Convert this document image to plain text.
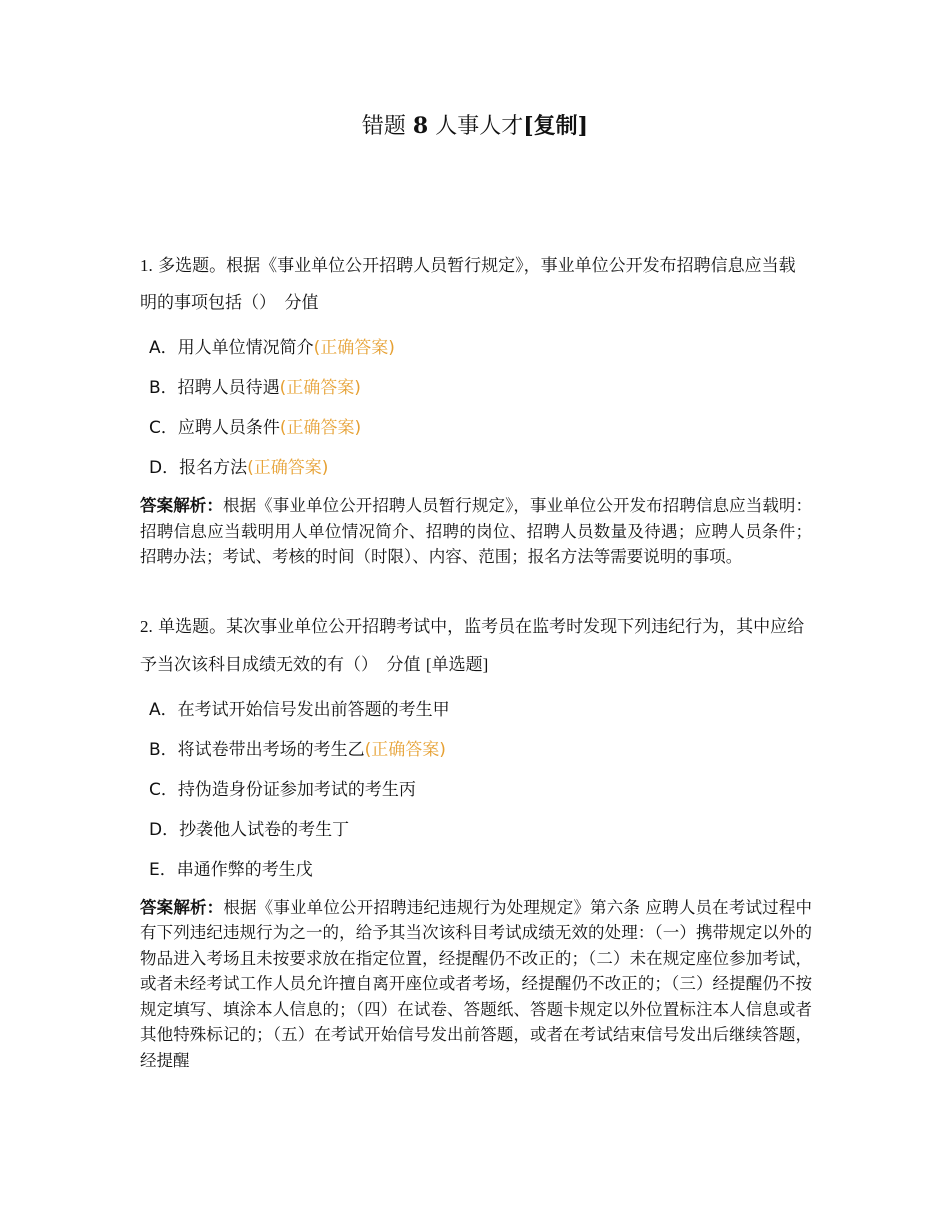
错题 8 人事人才[复制]

1. 多选题。根据《事业单位公开招聘人员暂行规定》，事业单位公开发布招聘信息应当载明的事项包括（）　 分值

A．用人单位情况简介(正确答案)
B．招聘人员待遇(正确答案)
C．应聘人员条件(正确答案)
D．报名方法(正确答案)
答案解析：根据《事业单位公开招聘人员暂行规定》，事业单位公开发布招聘信息应当载明：招聘信息应当载明用人单位情况简介、招聘的岗位、招聘人员数量及待遇；应聘人员条件；招聘办法；考试、考核的时间（时限）、内容、范围；报名方法等需要说明的事项。

2. 单选题。某次事业单位公开招聘考试中，监考员在监考时发现下列违纪行为，其中应给予当次该科目成绩无效的有（）　 分值 [单选题]

A．在考试开始信号发出前答题的考生甲
B．将试卷带出考场的考生乙(正确答案)
C．持伪造身份证参加考试的考生丙
D．抄袭他人试卷的考生丁
E．串通作弊的考生戊
答案解析：根据《事业单位公开招聘违纪违规行为处理规定》第六条 应聘人员在考试过程中有下列违纪违规行为之一的，给予其当次该科目考试成绩无效的处理：（一）携带规定以外的物品进入考场且未按要求放在指定位置，经提醒仍不改正的；（二）未在规定座位参加考试，或者未经考试工作人员允许擅自离开座位或者考场，经提醒仍不改正的；（三）经提醒仍不按规定填写、填涂本人信息的；（四）在试卷、答题纸、答题卡规定以外位置标注本人信息或者其他特殊标记的；（五）在考试开始信号发出前答题，或者在考试结束信号发出后继续答题，经提醒
